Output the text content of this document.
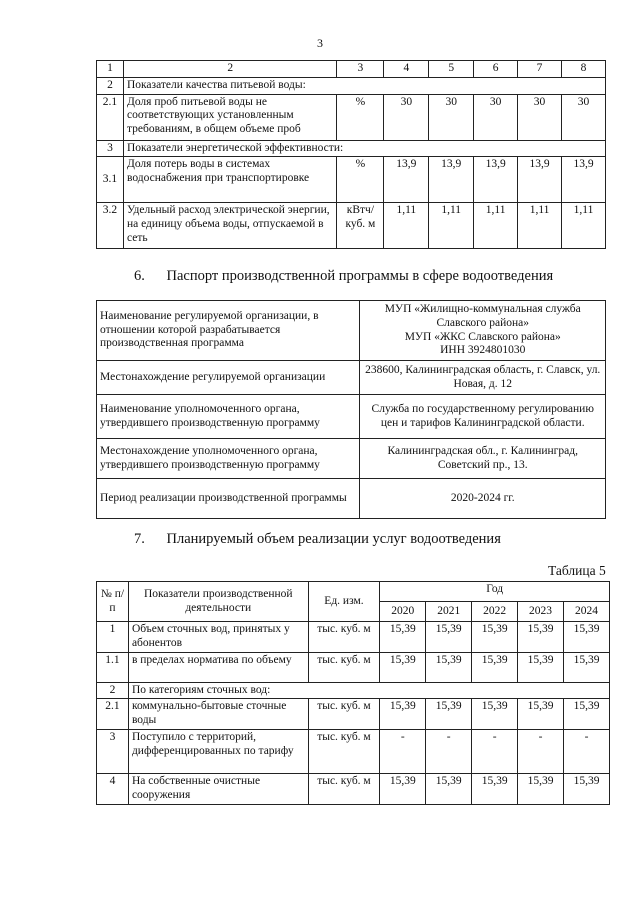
3
1	2	3	4	5	6	7	8
2	Показатели качества питьевой воды:						
2.1	Доля проб питьевой воды не соответствующих установленным требованиям, в общем объеме проб	%	30	30	30	30	30
3	Показатели энергетической эффективности:						
3.1	Доля потерь воды в системах водоснабжения при транспортировке	%	13,9	13,9	13,9	13,9	13,9
3.2	Удельный расход электрической энергии, на единицу объема воды, отпускаемой в сеть	кВтч/ куб. м	1,11	1,11	1,11	1,11	1,11
6. Паспорт производственной программы в сфере водоотведения
Наименование регулируемой организации, в отношении которой разрабатывается производственная программа	МУП «Жилищно-коммунальная служба Славского района»
МУП «ЖКС Славского района»
ИНН 3924801030

Местонахождение регулируемой организации	238600, Калининградская область, г. Славск, ул. Новая, д. 12
Наименование уполномоченного органа, утвердившего производственную программу	Служба по государственному регулированию цен и тарифов Калининградской области.
Местонахождение уполномоченного органа, утвердившего производственную программу	Калининградская обл., г. Калининград, Советский пр., 13.
Период реализации производственной программы	2020-2024 гг.
7. Планируемый объем реализации услуг водоотведения
Таблица 5
№ п/п	Показатели производственной деятельности	Ед. изм.	Год				
			2020	2021	2022	2023	2024
1	Объем сточных вод, принятых у абонентов	тыс. куб. м	15,39	15,39	15,39	15,39	15,39
1.1	в пределах норматива по объему	тыс. куб. м	15,39	15,39	15,39	15,39	15,39
2	По категориям сточных вод:						
2.1	коммунально-бытовые сточные воды	тыс. куб. м	15,39	15,39	15,39	15,39	15,39
3	Поступило с территорий, дифференцированных по тарифу	тыс. куб. м	-	-	-	-	-
4	На собственные очистные сооружения	тыс. куб. м	15,39	15,39	15,39	15,39	15,39
